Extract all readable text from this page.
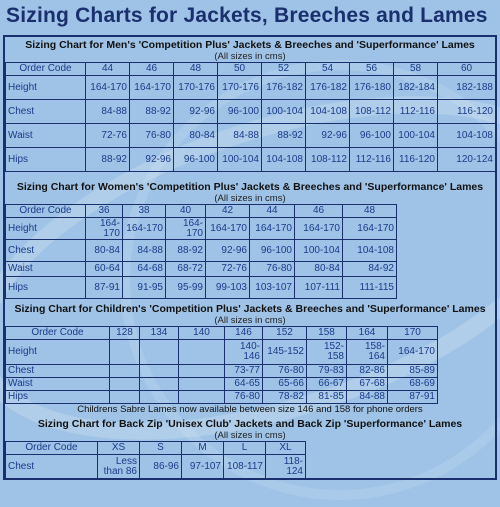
Sizing Charts for Jackets, Breeches and Lames
Sizing Chart for Men's 'Competition Plus' Jackets & Breeches and 'Superformance' Lames
(All sizes in cms)
Order Code	44	46	48	50	52	54	56	58	60
Height	164-170	164-170	170-176	170-176	176-182	176-182	176-180	182-184	182-188
Chest	84-88	88-92	92-96	96-100	100-104	104-108	108-112	112-116	116-120
Waist	72-76	76-80	80-84	84-88	88-92	92-96	96-100	100-104	104-108
Hips	88-92	92-96	96-100	100-104	104-108	108-112	112-116	116-120	120-124
Sizing Chart for Women's 'Competition Plus' Jackets & Breeches and 'Superformance' Lames
(All sizes in cms)
Order Code	36	38	40	42	44	46	48
Height	164-170	164-170	164-170	164-170	164-170	164-170	164-170
Chest	80-84	84-88	88-92	92-96	96-100	100-104	104-108
Waist	60-64	64-68	68-72	72-76	76-80	80-84	84-92
Hips	87-91	91-95	95-99	99-103	103-107	107-111	111-115
Sizing Chart for Children's 'Competition Plus' Jackets & Breeches and 'Superformance' Lames
(All sizes in cms)
Order Code	128	134	140	146	152	158	164	170
Height				140-146	145-152	152-158	158-164	164-170
Chest				73-77	76-80	79-83	82-86	85-89
Waist				64-65	65-66	66-67	67-68	68-69
Hips				76-80	78-82	81-85	84-88	87-91
Childrens Sabre Lames now available between size 146 and 158 for phone orders
Sizing Chart for Back Zip 'Unisex Club' Jackets and Back Zip 'Superformance' Lames
(All sizes in cms)
Order Code	XS	S	M	L	XL
Chest	Less than 86	86-96	97-107	108-117	118-124
